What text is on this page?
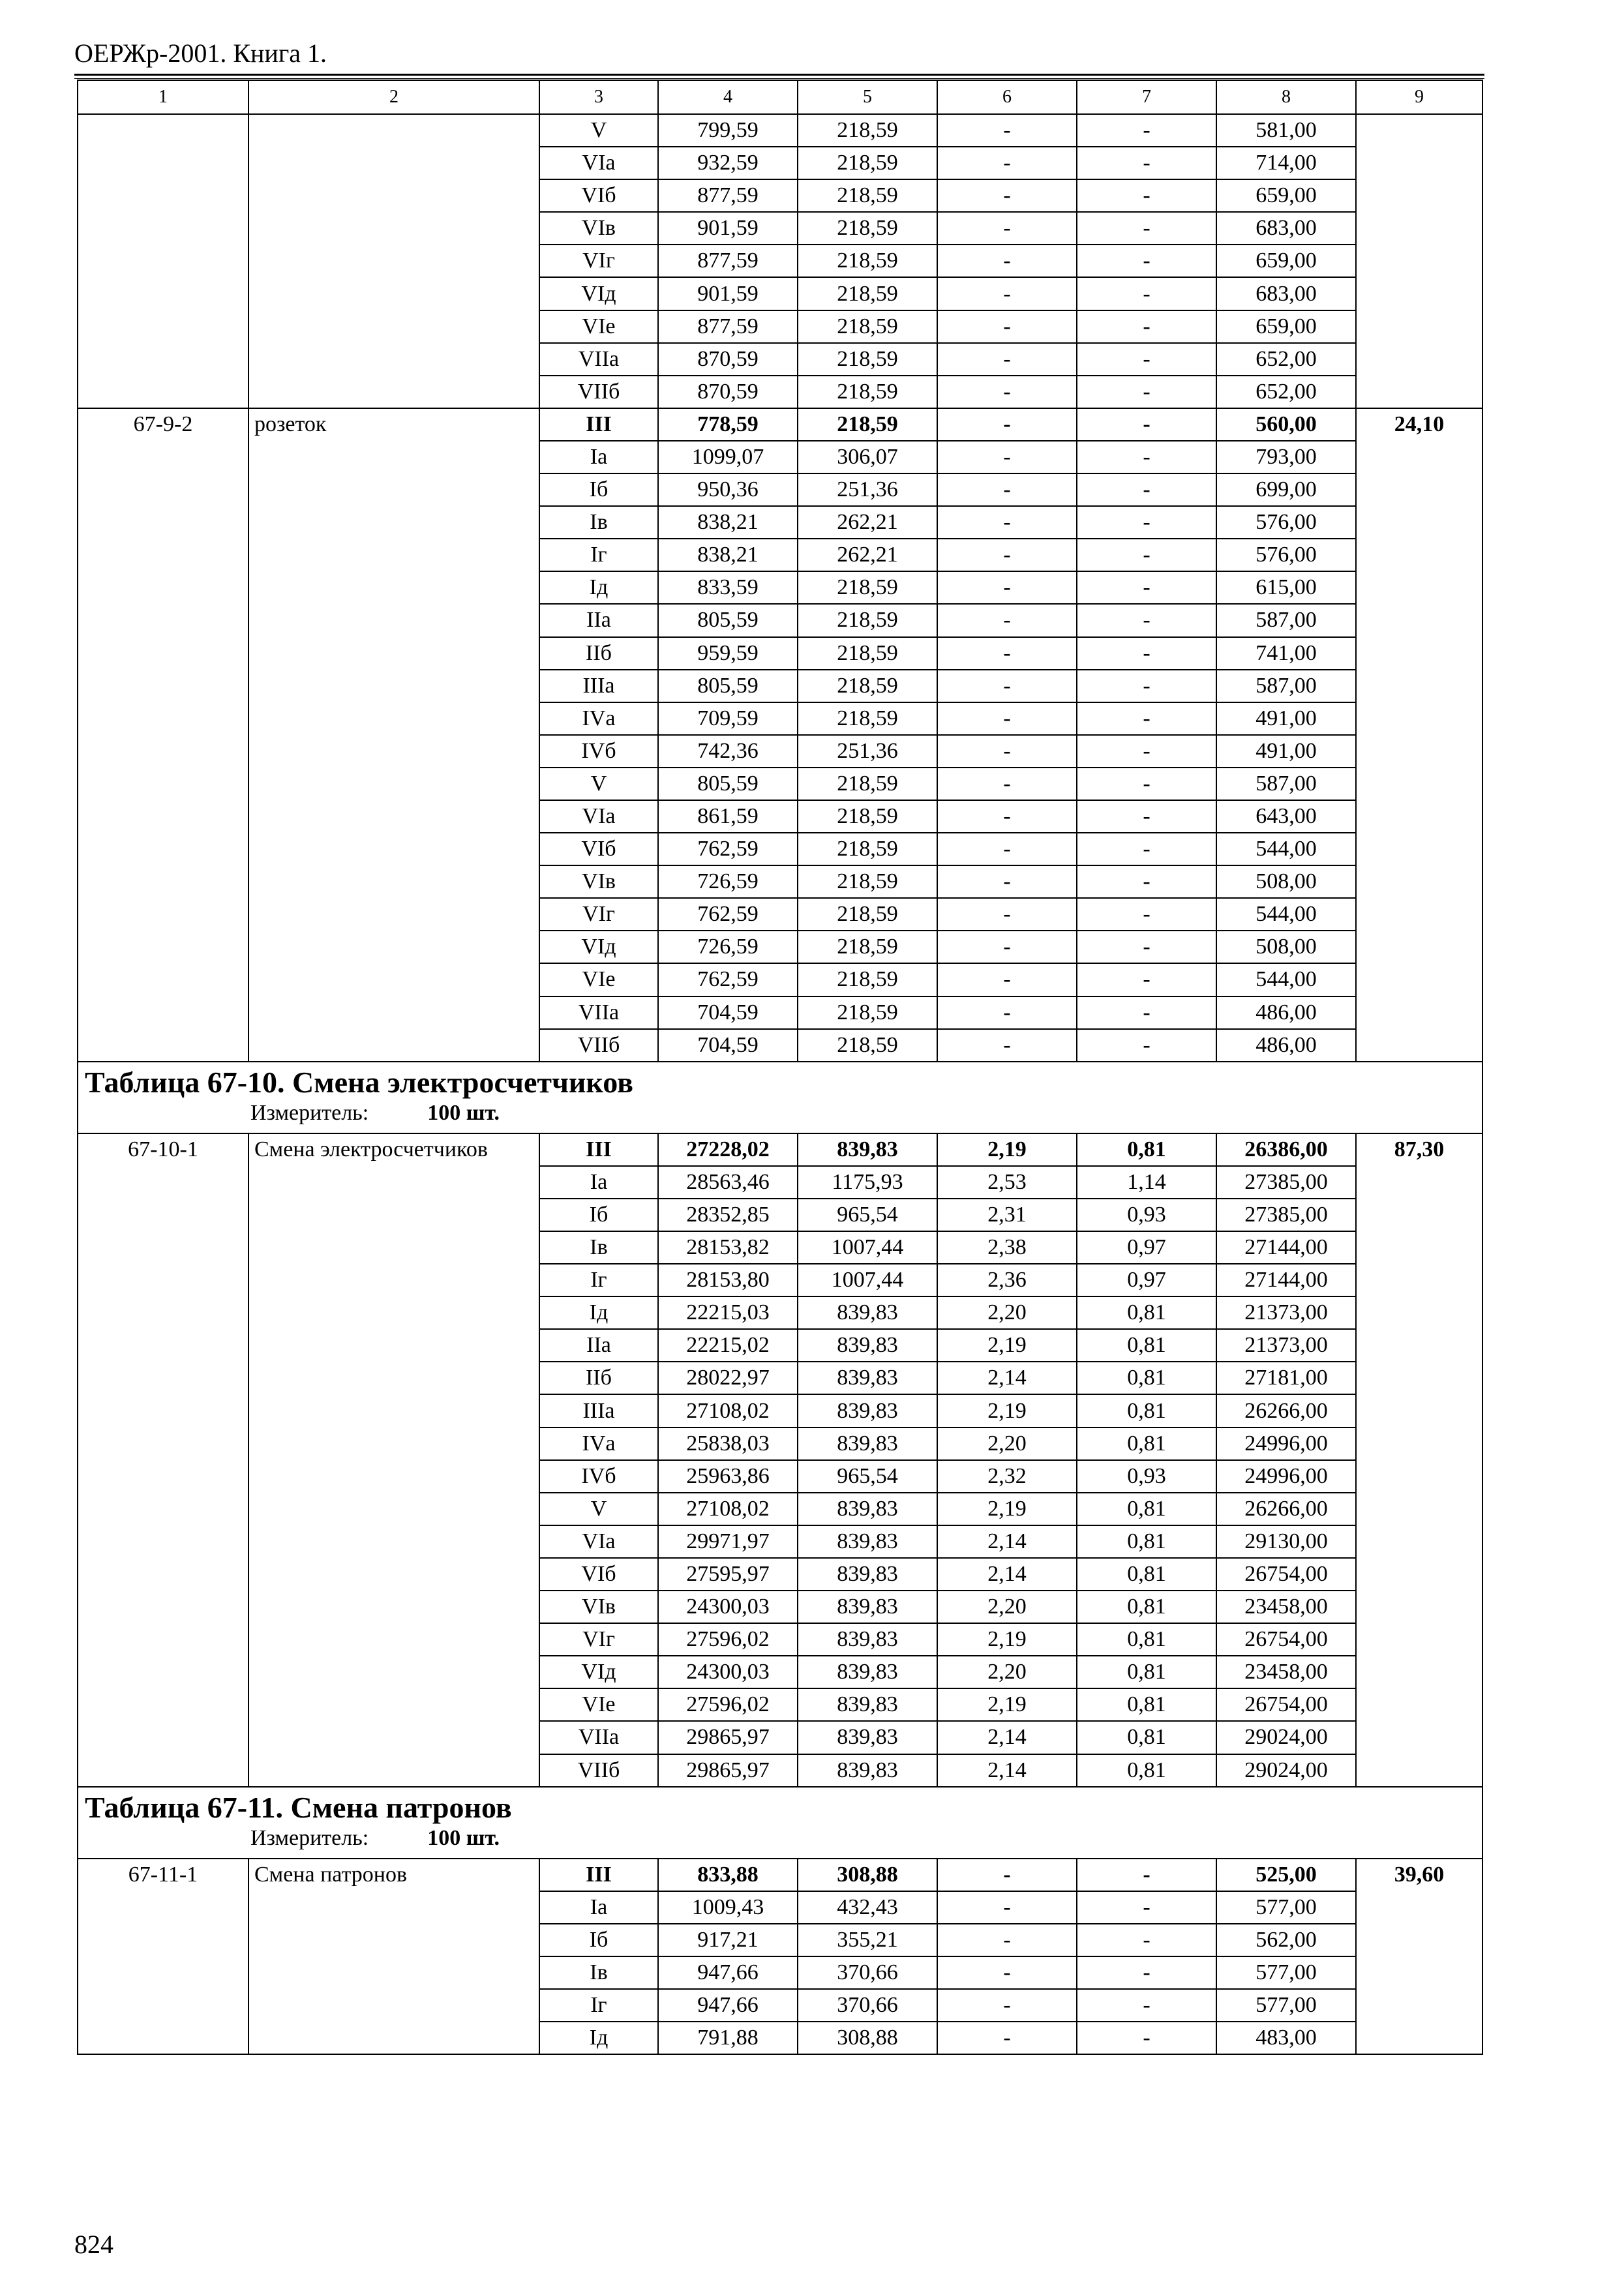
ОЕРЖр-2001. Книга 1.
1	2	3	4	5	6	7	8	9
		V	799,59	218,59	-	-	581,00	
		VIа	932,59	218,59	-	-	714,00	
		VIб	877,59	218,59	-	-	659,00	
		VIв	901,59	218,59	-	-	683,00	
		VIг	877,59	218,59	-	-	659,00	
		VIд	901,59	218,59	-	-	683,00	
		VIе	877,59	218,59	-	-	659,00	
		VIIа	870,59	218,59	-	-	652,00	
		VIIб	870,59	218,59	-	-	652,00	
67-9-2	розеток	III	778,59	218,59	-	-	560,00	24,10
		Iа	1099,07	306,07	-	-	793,00	
		Iб	950,36	251,36	-	-	699,00	
		Iв	838,21	262,21	-	-	576,00	
		Iг	838,21	262,21	-	-	576,00	
		Iд	833,59	218,59	-	-	615,00	
		IIа	805,59	218,59	-	-	587,00	
		IIб	959,59	218,59	-	-	741,00	
		IIIа	805,59	218,59	-	-	587,00	
		IVа	709,59	218,59	-	-	491,00	
		IVб	742,36	251,36	-	-	491,00	
		V	805,59	218,59	-	-	587,00	
		VIа	861,59	218,59	-	-	643,00	
		VIб	762,59	218,59	-	-	544,00	
		VIв	726,59	218,59	-	-	508,00	
		VIг	762,59	218,59	-	-	544,00	
		VIд	726,59	218,59	-	-	508,00	
		VIе	762,59	218,59	-	-	544,00	
		VIIа	704,59	218,59	-	-	486,00	
		VIIб	704,59	218,59	-	-	486,00	

Таблица 67-10. Смена электросчетчиков
Измеритель: 100 шт.								

67-10-1	Смена электросчетчиков	III	27228,02	839,83	2,19	0,81	26386,00	87,30
		Iа	28563,46	1175,93	2,53	1,14	27385,00	
		Iб	28352,85	965,54	2,31	0,93	27385,00	
		Iв	28153,82	1007,44	2,38	0,97	27144,00	
		Iг	28153,80	1007,44	2,36	0,97	27144,00	
		Iд	22215,03	839,83	2,20	0,81	21373,00	
		IIа	22215,02	839,83	2,19	0,81	21373,00	
		IIб	28022,97	839,83	2,14	0,81	27181,00	
		IIIа	27108,02	839,83	2,19	0,81	26266,00	
		IVа	25838,03	839,83	2,20	0,81	24996,00	
		IVб	25963,86	965,54	2,32	0,93	24996,00	
		V	27108,02	839,83	2,19	0,81	26266,00	
		VIа	29971,97	839,83	2,14	0,81	29130,00	
		VIб	27595,97	839,83	2,14	0,81	26754,00	
		VIв	24300,03	839,83	2,20	0,81	23458,00	
		VIг	27596,02	839,83	2,19	0,81	26754,00	
		VIд	24300,03	839,83	2,20	0,81	23458,00	
		VIе	27596,02	839,83	2,19	0,81	26754,00	
		VIIа	29865,97	839,83	2,14	0,81	29024,00	
		VIIб	29865,97	839,83	2,14	0,81	29024,00	

Таблица 67-11. Смена патронов
Измеритель: 100 шт.								

67-11-1	Смена патронов	III	833,88	308,88	-	-	525,00	39,60
		Iа	1009,43	432,43	-	-	577,00	
		Iб	917,21	355,21	-	-	562,00	
		Iв	947,66	370,66	-	-	577,00	
		Iг	947,66	370,66	-	-	577,00	
		Iд	791,88	308,88	-	-	483,00	
824
